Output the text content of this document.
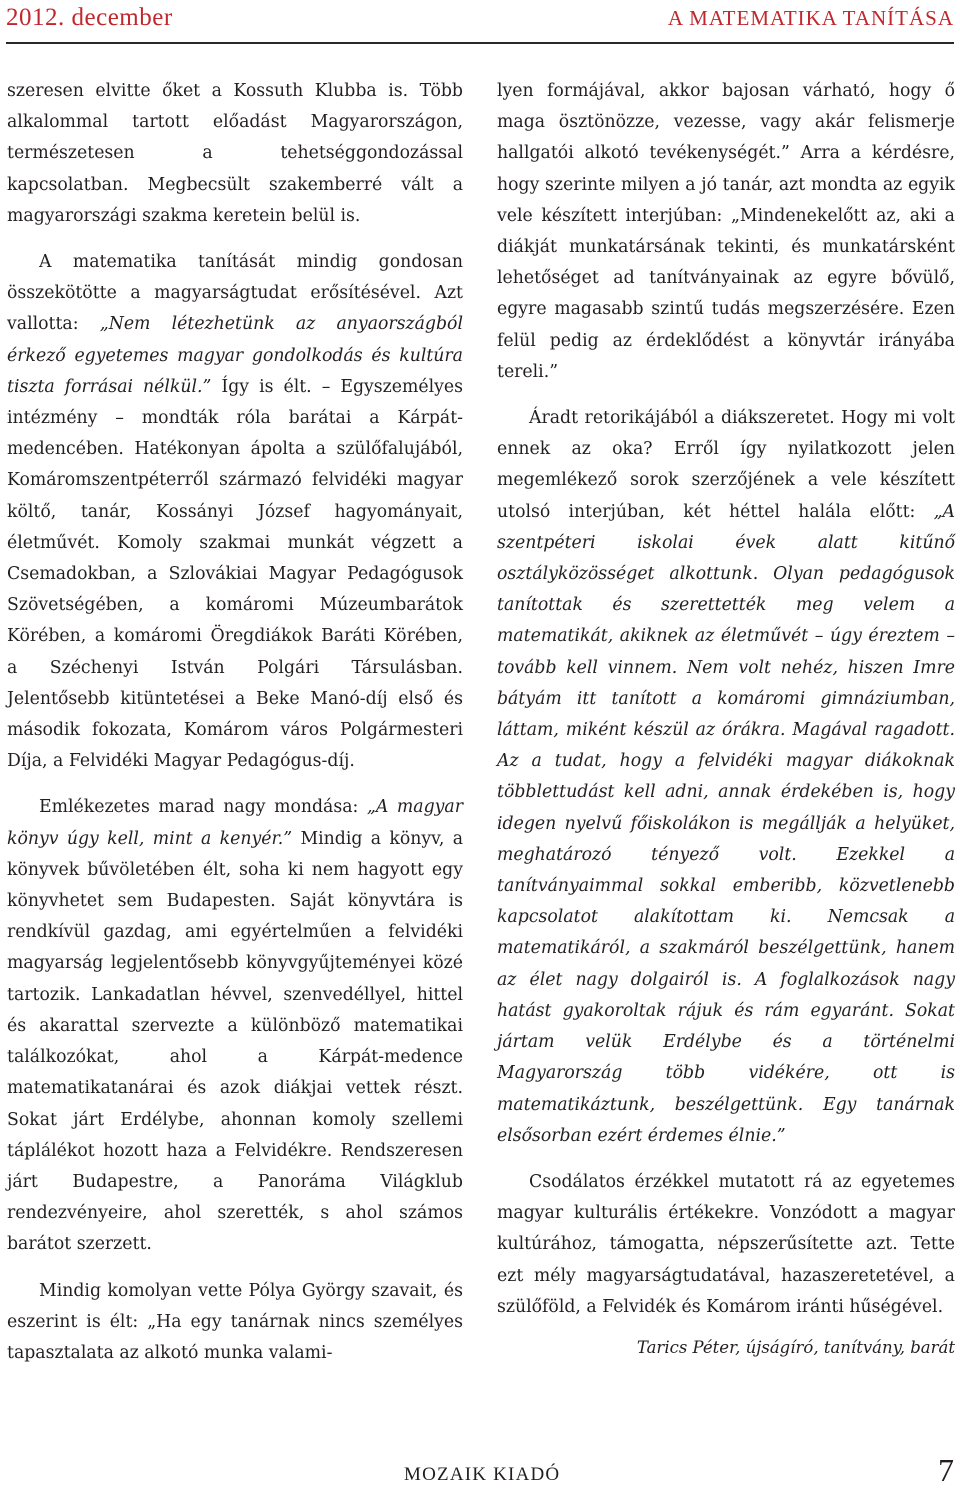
2012. december	A MATEMATIKA TANÍTÁSA

szeresen elvitte őket a Kossuth Klubba is. Több alkalommal tartott előadást Magyarországon, természetesen a tehetséggondozással kapcsolatban. Megbecsült szakemberré vált a magyarországi szakma keretein belül is.

A matematika tanítását mindig gondosan összekötötte a magyarságtudat erősítésével. Azt vallotta: „Nem létezhetünk az anyaországból érkező egyetemes magyar gondolkodás és kultúra tiszta forrásai nélkül.” Így is élt. – Egyszemélyes intézmény – mondták róla barátai a Kárpát-medencében. Hatékonyan ápolta a szülőfalujából, Komáromszentpéterről származó felvidéki magyar költő, tanár, Kossányi József hagyományait, életművét. Komoly szakmai munkát végzett a Csemadokban, a Szlovákiai Magyar Pedagógusok Szövetségében, a komáromi Múzeumbarátok Körében, a komáromi Öregdiákok Baráti Körében, a Széchenyi István Polgári Társulásban. Jelentősebb kitüntetései a Beke Manó-díj első és második fokozata, Komárom város Polgármesteri Díja, a Felvidéki Magyar Pedagógus-díj.

Emlékezetes marad nagy mondása: „A magyar könyv úgy kell, mint a kenyér.” Mindig a könyv, a könyvek bűvöletében élt, soha ki nem hagyott egy könyvhetet sem Budapesten. Saját könyvtára is rendkívül gazdag, ami egyértelműen a felvidéki magyarság legjelentősebb könyvgyűjteményei közé tartozik. Lankadatlan hévvel, szenvedéllyel, hittel és akarattal szervezte a különböző matematikai találkozókat, ahol a Kárpát-medence matematikatanárai és azok diákjai vettek részt. Sokat járt Erdélybe, ahonnan komoly szellemi táplálékot hozott haza a Felvidékre. Rendszeresen járt Budapestre, a Panoráma Világklub rendezvényeire, ahol szerették, s ahol számos barátot szerzett.

Mindig komolyan vette Pólya György szavait, és eszerint is élt: „Ha egy tanárnak nincs személyes tapasztalata az alkotó munka valami-

lyen formájával, akkor bajosan várható, hogy ő maga ösztönözze, vezesse, vagy akár felismerje hallgatói alkotó tevékenységét.” Arra a kérdésre, hogy szerinte milyen a jó tanár, azt mondta az egyik vele készített interjúban: „Mindenekelőtt az, aki a diákját munkatársának tekinti, és munkatársként lehetőséget ad tanítványainak az egyre bővülő, egyre magasabb szintű tudás megszerzésére. Ezen felül pedig az érdeklődést a könyvtár irányába tereli.”

Áradt retorikájából a diákszeretet. Hogy mi volt ennek az oka? Erről így nyilatkozott jelen megemlékező sorok szerzőjének a vele készített utolsó interjúban, két héttel halála előtt: „A szentpéteri iskolai évek alatt kitűnő osztályközösséget alkottunk. Olyan pedagógusok tanítottak és szerettették meg velem a matematikát, akiknek az életművét – úgy éreztem – tovább kell vinnem. Nem volt nehéz, hiszen Imre bátyám itt tanított a komáromi gimnáziumban, láttam, miként készül az órákra. Magával ragadott. Az a tudat, hogy a felvidéki magyar diákoknak többlettudást kell adni, annak érdekében is, hogy idegen nyelvű főiskolákon is megállják a helyüket, meghatározó tényező volt. Ezekkel a tanítványaimmal sokkal emberibb, közvetlenebb kapcsolatot alakítottam ki. Nemcsak a matematikáról, a szakmáról beszélgettünk, hanem az élet nagy dolgairól is. A foglalkozások nagy hatást gyakoroltak rájuk és rám egyaránt. Sokat jártam velük Erdélybe és a történelmi Magyarország több vidékére, ott is matematikáztunk, beszélgettünk. Egy tanárnak elsősorban ezért érdemes élnie.”

Csodálatos érzékkel mutatott rá az egyetemes magyar kulturális értékekre. Vonzódott a magyar kultúrához, támogatta, népszerűsítette azt. Tette ezt mély magyarságtudatával, hazaszeretetével, a szülőföld, a Felvidék és Komárom iránti hűségével.

Tarics Péter, újságíró, tanítvány, barát
MOZAIK KIADÓ	7
